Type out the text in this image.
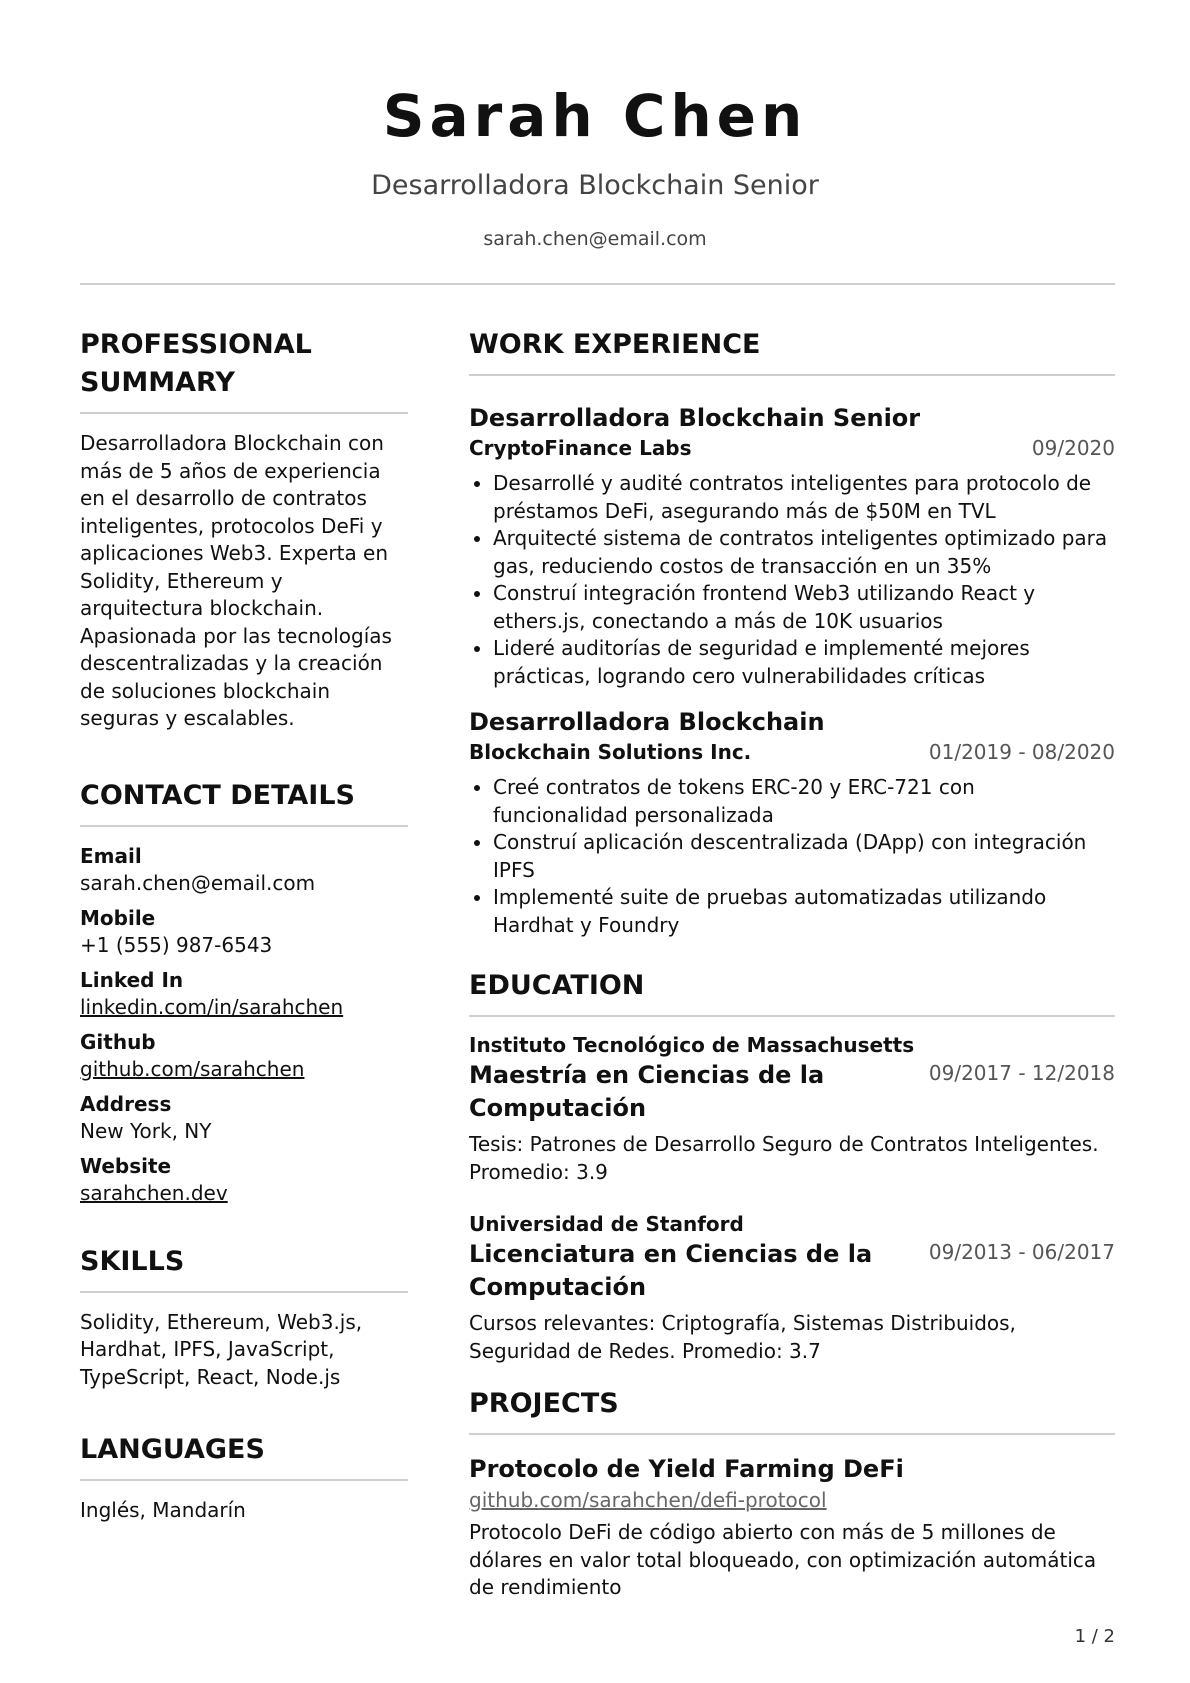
Sarah Chen
Desarrolladora Blockchain Senior
sarah.chen@email.com
PROFESSIONAL SUMMARY
Desarrolladora Blockchain con más de 5 años de experiencia en el desarrollo de contratos inteligentes, protocolos DeFi y aplicaciones Web3. Experta en Solidity, Ethereum y arquitectura blockchain. Apasionada por las tecnologías descentralizadas y la creación de soluciones blockchain seguras y escalables.
CONTACT DETAILS
Email
sarah.chen@email.com
Mobile
+1 (555) 987-6543
Linked In
linkedin.com/in/sarahchen
Github
github.com/sarahchen
Address
New York, NY
Website
sarahchen.dev
SKILLS
Solidity, Ethereum, Web3.js, Hardhat, IPFS, JavaScript, TypeScript, React, Node.js
LANGUAGES
Inglés, Mandarín
WORK EXPERIENCE
Desarrolladora Blockchain Senior
CryptoFinance Labs	09/2020
• Desarrollé y audité contratos inteligentes para protocolo de préstamos DeFi, asegurando más de $50M en TVL
• Arquitecté sistema de contratos inteligentes optimizado para gas, reduciendo costos de transacción en un 35%
• Construí integración frontend Web3 utilizando React y ethers.js, conectando a más de 10K usuarios
• Lideré auditorías de seguridad e implementé mejores prácticas, logrando cero vulnerabilidades críticas
Desarrolladora Blockchain
Blockchain Solutions Inc.	01/2019 - 08/2020
• Creé contratos de tokens ERC-20 y ERC-721 con funcionalidad personalizada
• Construí aplicación descentralizada (DApp) con integración IPFS
• Implementé suite de pruebas automatizadas utilizando Hardhat y Foundry
EDUCATION
Instituto Tecnológico de Massachusetts
Maestría en Ciencias de la Computación
09/2017 - 12/2018
Tesis: Patrones de Desarrollo Seguro de Contratos Inteligentes. Promedio: 3.9
Universidad de Stanford
Licenciatura en Ciencias de la Computación
09/2013 - 06/2017
Cursos relevantes: Criptografía, Sistemas Distribuidos, Seguridad de Redes. Promedio: 3.7
PROJECTS
Protocolo de Yield Farming DeFi
github.com/sarahchen/defi-protocol
Protocolo DeFi de código abierto con más de 5 millones de dólares en valor total bloqueado, con optimización automática de rendimiento
1 / 2
